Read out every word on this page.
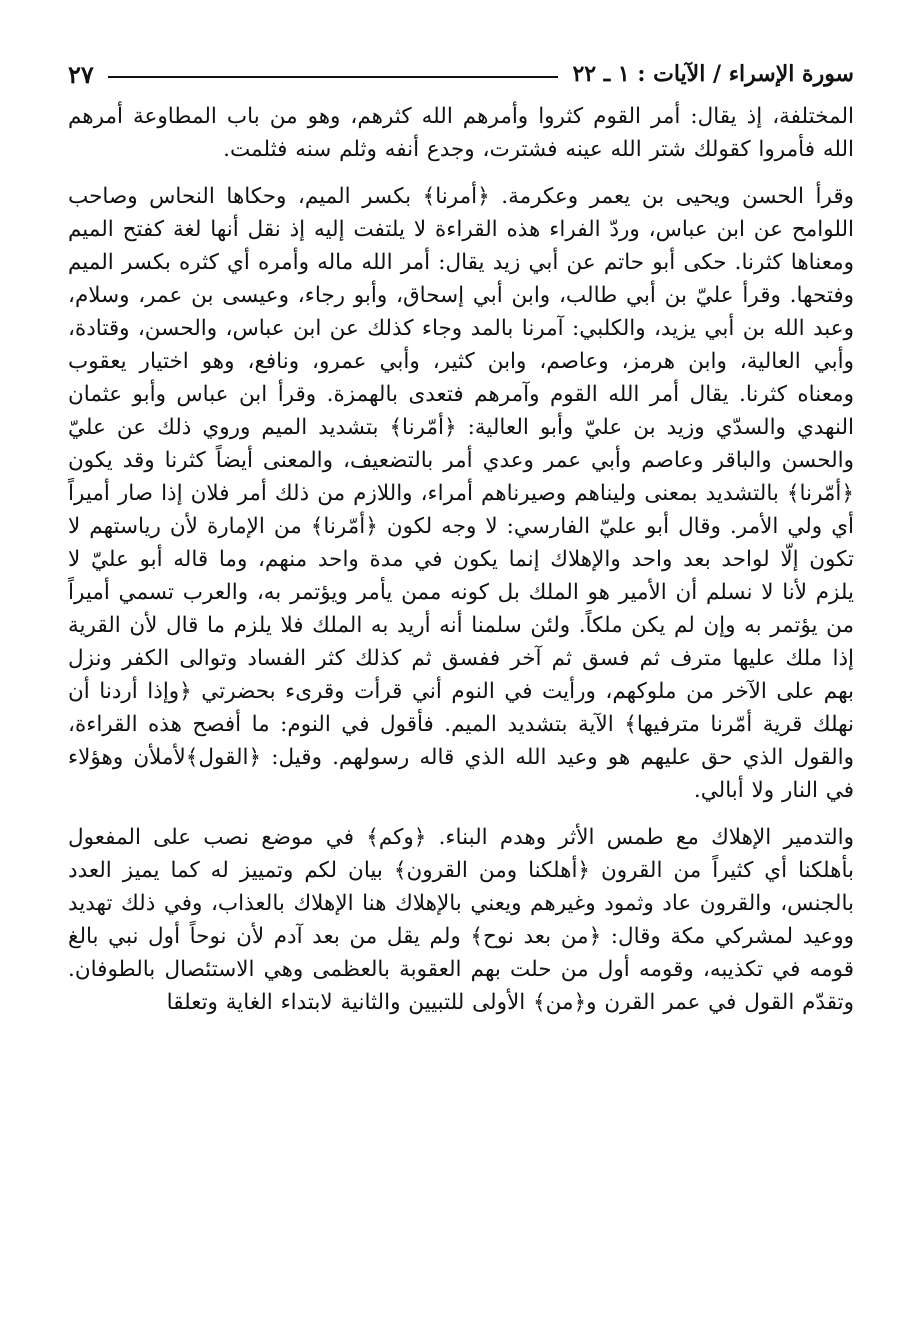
سورة الإسراء / الآيات : ١ ـ ٢٢
٢٧

المختلفة، إذ يقال: أمر القوم كثروا وأمرهم الله كثرهم، وهو من باب المطاوعة أمرهم الله فأمروا كقولك شتر الله عينه فشترت، وجدع أنفه وثلم سنه فثلمت.

وقرأ الحسن ويحيى بن يعمر وعكرمة. ﴿أمرنا﴾ بكسر الميم، وحكاها النحاس وصاحب اللوامح عن ابن عباس، وردّ الفراء هذه القراءة لا يلتفت إليه إذ نقل أنها لغة كفتح الميم ومعناها كثرنا. حكى أبو حاتم عن أبي زيد يقال: أمر الله ماله وأمره أي كثره بكسر الميم وفتحها. وقرأ عليّ بن أبي طالب، وابن أبي إسحاق، وأبو رجاء، وعيسى بن عمر، وسلام، وعبد الله بن أبي يزيد، والكلبي: آمرنا بالمد وجاء كذلك عن ابن عباس، والحسن، وقتادة، وأبي العالية، وابن هرمز، وعاصم، وابن كثير، وأبي عمرو، ونافع، وهو اختيار يعقوب ومعناه كثرنا. يقال أمر الله القوم وآمرهم فتعدى بالهمزة. وقرأ ابن عباس وأبو عثمان النهدي والسدّي وزيد بن عليّ وأبو العالية: ﴿أمّرنا﴾ بتشديد الميم وروي ذلك عن عليّ والحسن والباقر وعاصم وأبي عمر وعدي أمر بالتضعيف، والمعنى أيضاً كثرنا وقد يكون ﴿أمّرنا﴾ بالتشديد بمعنى وليناهم وصيرناهم أمراء، واللازم من ذلك أمر فلان إذا صار أميراً أي ولي الأمر. وقال أبو عليّ الفارسي: لا وجه لكون ﴿أمّرنا﴾ من الإمارة لأن رياستهم لا تكون إلّا لواحد بعد واحد والإهلاك إنما يكون في مدة واحد منهم، وما قاله أبو عليّ لا يلزم لأنا لا نسلم أن الأمير هو الملك بل كونه ممن يأمر ويؤتمر به، والعرب تسمي أميراً من يؤتمر به وإن لم يكن ملكاً. ولئن سلمنا أنه أريد به الملك فلا يلزم ما قال لأن القرية إذا ملك عليها مترف ثم فسق ثم آخر ففسق ثم كذلك كثر الفساد وتوالى الكفر ونزل بهم على الآخر من ملوكهم، ورأيت في النوم أني قرأت وقرىء بحضرتي ﴿وإذا أردنا أن نهلك قرية أمّرنا مترفيها﴾ الآية بتشديد الميم. فأقول في النوم: ما أفصح هذه القراءة، والقول الذي حق عليهم هو وعيد الله الذي قاله رسولهم. وقيل: ﴿القول﴾لأملأن وهؤلاء في النار ولا أبالي.

والتدمير الإهلاك مع طمس الأثر وهدم البناء. ﴿وكم﴾ في موضع نصب على المفعول بأهلكنا أي كثيراً من القرون ﴿أهلكنا ومن القرون﴾ بيان لكم وتمييز له كما يميز العدد بالجنس، والقرون عاد وثمود وغيرهم ويعني بالإهلاك هنا الإهلاك بالعذاب، وفي ذلك تهديد ووعيد لمشركي مكة وقال: ﴿من بعد نوح﴾ ولم يقل من بعد آدم لأن نوحاً أول نبي بالغ قومه في تكذيبه، وقومه أول من حلت بهم العقوبة بالعظمى وهي الاستئصال بالطوفان. وتقدّم القول في عمر القرن و﴿من﴾ الأولى للتبيين والثانية لابتداء الغاية وتعلقا
